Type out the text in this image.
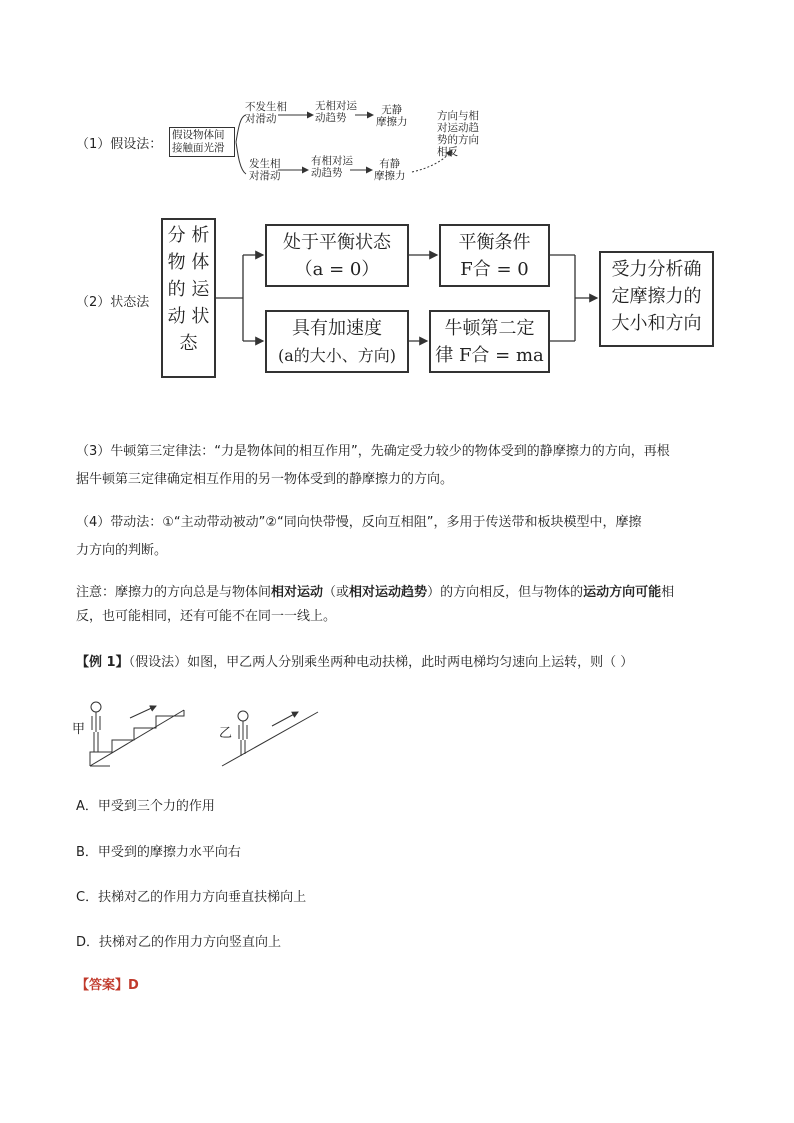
（1）假设法：
假设物体间
接触面光滑
不发生相
对滑动
无相对运
动趋势
无静
摩擦力
发生相
对滑动
有相对运
动趋势
有静
摩擦力
方向与相
对运动趋
势的方向
相反
（2）状态法
分 析
物 体
的 运
动 状
态
处于平衡状态
（a = 0）
平衡条件
F合 = 0
具有加速度
(a的大小、方向)
牛顿第二定
律 F合 = ma
受力分析确
定摩擦力的
大小和方向
（3）牛顿第三定律法：“力是物体间的相互作用”，先确定受力较少的物体受到的静摩擦力的方向，再根
据牛顿第三定律确定相互作用的另一物体受到的静摩擦力的方向。
（4）带动法：①“主动带动被动”②“同向快带慢，反向互相阻”，多用于传送带和板块模型中，摩擦
力方向的判断。
注意：摩擦力的方向总是与物体间相对运动（或相对运动趋势）的方向相反，但与物体的运动方向可能相
反，也可能相同，还有可能不在同一一线上。
【例 1】（假设法）如图，甲乙两人分别乘坐两种电动扶梯，此时两电梯均匀速向上运转，则（ ）
甲	乙
A．甲受到三个力的作用
B．甲受到的摩擦力水平向右
C．扶梯对乙的作用力方向垂直扶梯向上
D．扶梯对乙的作用力方向竖直向上
【答案】D
